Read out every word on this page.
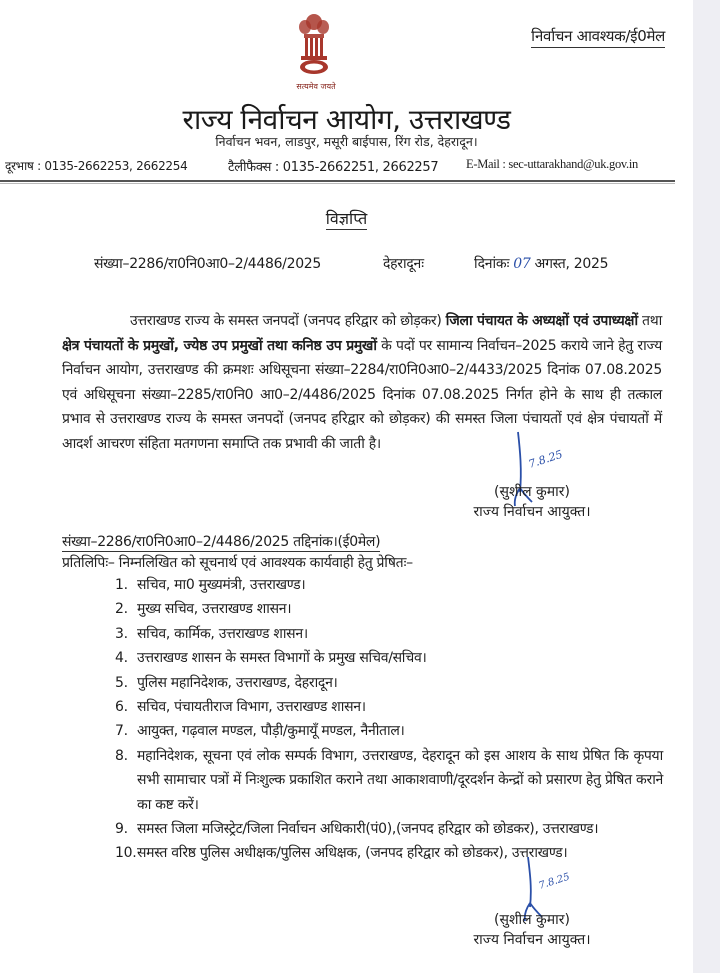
निर्वाचन आवश्यक/ई0मेल
सत्यमेव जयते
राज्य निर्वाचन आयोग, उत्तराखण्ड
निर्वाचन भवन, लाडपुर, मसूरी बाईपास, रिंग रोड, देहरादून।
दूरभाष : 0135-2662253, 2662254	टैलीफैक्स : 0135-2662251, 2662257 E-Mail : sec-uttarakhand@uk.gov.in
विज्ञप्ति
संख्या–2286/रा0नि0आ0–2/4486/2025	देहरादूनः	दिनांकः 07 अगस्त, 2025

उत्तराखण्ड राज्य के समस्त जनपदों (जनपद हरिद्वार को छोड़कर) जिला पंचायत के अध्यक्षों एवं उपाध्यक्षों तथा क्षेत्र पंचायतों के प्रमुखों, ज्येष्ठ उप प्रमुखों तथा कनिष्ठ उप प्रमुखों के पदों पर सामान्य निर्वाचन–2025 कराये जाने हेतु राज्य निर्वाचन आयोग, उत्तराखण्ड की क्रमशः अधिसूचना संख्या–2284/रा0नि0आ0–2/4433/2025 दिनांक 07.08.2025 एवं अधिसूचना संख्या–2285/रा0नि0 आ0–2/4486/2025 दिनांक 07.08.2025 निर्गत होने के साथ ही तत्काल प्रभाव से उत्तराखण्ड राज्य के समस्त जनपदों (जनपद हरिद्वार को छोड़कर) की समस्त जिला पंचायतों एवं क्षेत्र पंचायतों में आदर्श आचरण संहिता मतगणना समाप्ति तक प्रभावी की जाती है।

7.8.25
(सुशील कुमार)
राज्य निर्वाचन आयुक्त।
संख्या–2286/रा0नि0आ0–2/4486/2025 तद्दिनांक।(ई0मेल)
प्रतिलिपिः– निम्नलिखित को सूचनार्थ एवं आवश्यक कार्यवाही हेतु प्रेषितः–
1. सचिव, मा0 मुख्यमंत्री, उत्तराखण्ड।
2. मुख्य सचिव, उत्तराखण्ड शासन।
3. सचिव, कार्मिक, उत्तराखण्ड शासन।
4. उत्तराखण्ड शासन के समस्त विभागों के प्रमुख सचिव/सचिव।
5. पुलिस महानिदेशक, उत्तराखण्ड, देहरादून।
6. सचिव, पंचायतीराज विभाग, उत्तराखण्ड शासन।
7. आयुक्त, गढ़वाल मण्डल, पौड़ी/कुमायूँ मण्डल, नैनीताल।
8. महानिदेशक, सूचना एवं लोक सम्पर्क विभाग, उत्तराखण्ड, देहरादून को इस आशय के साथ प्रेषित कि कृपया सभी सामाचार पत्रों में निःशुल्क प्रकाशित कराने तथा आकाशवाणी/दूरदर्शन केन्द्रों को प्रसारण हेतु प्रेषित कराने का कष्ट करें।
9. समस्त जिला मजिस्ट्रेट/जिला निर्वाचन अधिकारी(पं0),(जनपद हरिद्वार को छोडकर), उत्तराखण्ड।
10. समस्त वरिष्ठ पुलिस अधीक्षक/पुलिस अधिक्षक, (जनपद हरिद्वार को छोडकर), उत्तराखण्ड।
7.8.25
(सुशील कुमार)
राज्य निर्वाचन आयुक्त।
